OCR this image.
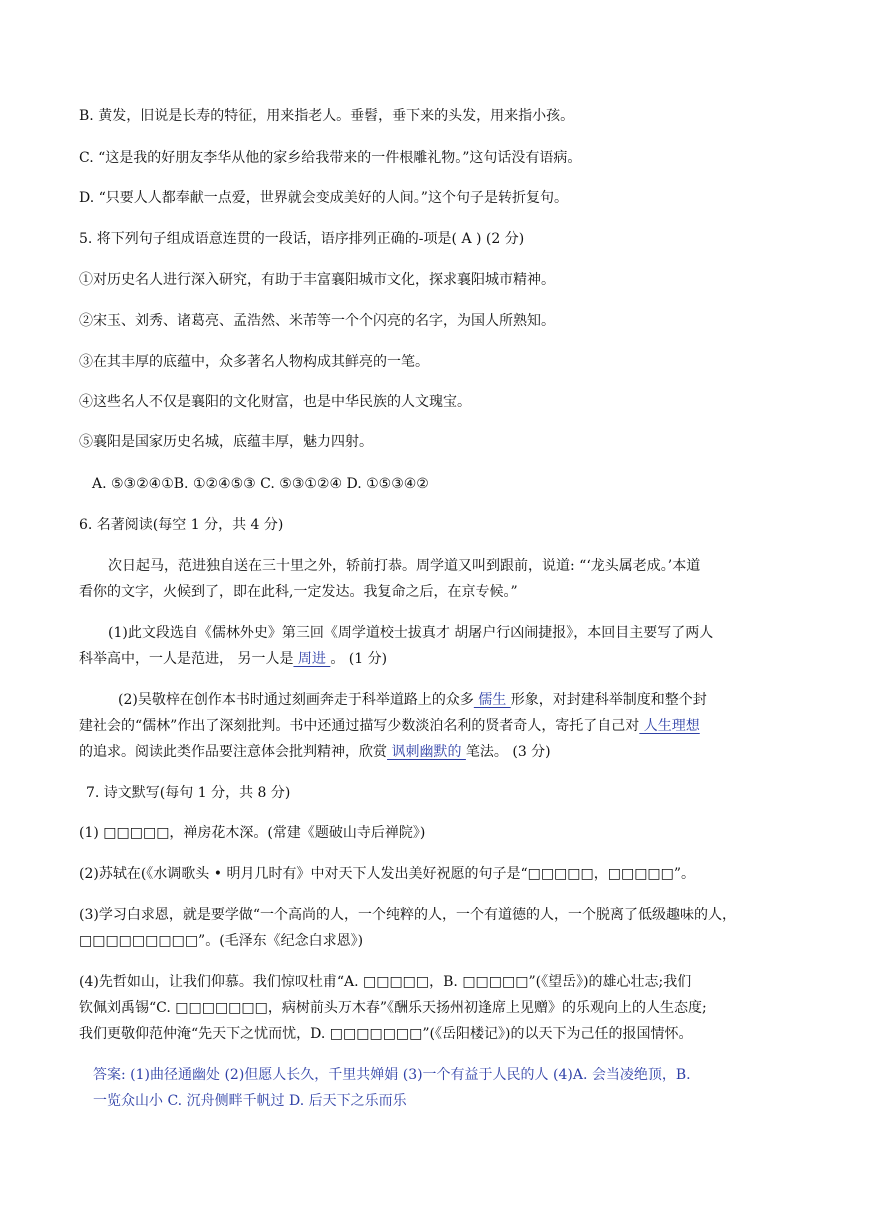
B. 黄发，旧说是长寿的特征，用来指老人。垂髫，垂下来的头发，用来指小孩。
C. “这是我的好朋友李华从他的家乡给我带来的一件根雕礼物。”这句话没有语病。
D. “只要人人都奉献一点爱，世界就会变成美好的人间。”这个句子是转折复句。
5. 将下列句子组成语意连贯的一段话，语序排列正确的-项是( A ) (2 分)
①对历史名人进行深入研究，有助于丰富襄阳城市文化，探求襄阳城市精神。
②宋玉、刘秀、诸葛亮、孟浩然、米芾等一个个闪亮的名字，为国人所熟知。
③在其丰厚的底蕴中，众多著名人物构成其鲜亮的一笔。
④这些名人不仅是襄阳的文化财富，也是中华民族的人文瑰宝。
⑤襄阳是国家历史名城，底蕴丰厚，魅力四射。
A. ⑤③②④①B. ①②④⑤③ C. ⑤③①②④ D. ①⑤③④②
6. 名著阅读(每空 1 分，共 4 分)
次日起马，范进独自送在三十里之外，轿前打恭。周学道又叫到跟前，说道: “‘龙头属老成。’本道
看你的文字，火候到了，即在此科,一定发达。我复命之后，在京专候。”
(1)此文段选自《儒林外史》第三回《周学道校士拔真才 胡屠户行凶闹捷报》，本回目主要写了两人
科举高中，一人是范进， 另一人是 周进 。 (1 分)
(2)吴敬梓在创作本书时通过刻画奔走于科举道路上的众多 儒生 形象，对封建科举制度和整个封
建社会的“儒林”作出了深刻批判。书中还通过描写少数淡泊名利的贤者奇人，寄托了自己对 人生理想
的追求。阅读此类作品要注意体会批判精神，欣赏 讽刺幽默的 笔法。 (3 分)
7. 诗文默写(每句 1 分，共 8 分)
(1) □□□□□，禅房花木深。(常建《题破山寺后禅院》)
(2)苏轼在(《水调歌头 • 明月几时有》中对天下人发出美好祝愿的句子是“□□□□□，□□□□□”。
(3)学习白求恩，就是要学做“一个高尚的人，一个纯粹的人，一个有道德的人，一个脱离了低级趣味的人，
□□□□□□□□□”。(毛泽东《纪念白求恩》)
(4)先哲如山，让我们仰慕。我们惊叹杜甫“A. □□□□□，B. □□□□□”(《望岳》)的雄心壮志;我们
钦佩刘禹锡“C. □□□□□□□，病树前头万木春”《酬乐天扬州初逢席上见赠》的乐观向上的人生态度;
我们更敬仰范仲淹“先天下之忧而忧，D. □□□□□□□”(《岳阳楼记》)的以天下为己任的报国情怀。
答案: (1)曲径通幽处 (2)但愿人长久，千里共婵娟 (3)一个有益于人民的人 (4)A. 会当凌绝顶，B.
一览众山小 C. 沉舟侧畔千帆过 D. 后天下之乐而乐
